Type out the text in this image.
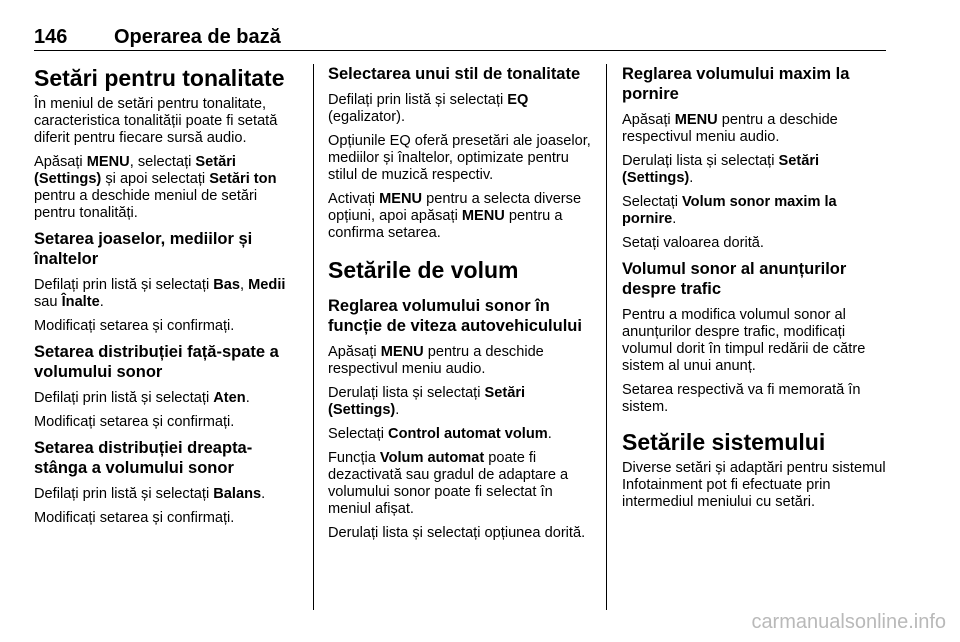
146 Operarea de bază
Setări pentru tonalitate

În meniul de setări pentru tonalitate, caracteristica tonalității poate fi setată diferit pentru fiecare sursă audio.

Apăsați MENU, selectați Setări (Settings) și apoi selectați Setări ton pentru a deschide meniul de setări pentru tonalități.

Setarea joaselor, mediilor și înaltelor

Defilați prin listă și selectați Bas, Medii sau Înalte.

Modificați setarea și confirmați.

Setarea distribuției față-spate a volumului sonor

Defilați prin listă și selectați Aten.

Modificați setarea și confirmați.

Setarea distribuției dreapta-stânga a volumului sonor

Defilați prin listă și selectați Balans.

Modificați setarea și confirmați.

Selectarea unui stil de tonalitate

Defilați prin listă și selectați EQ (egalizator).

Opțiunile EQ oferă presetări ale joaselor, mediilor și înaltelor, optimizate pentru stilul de muzică respectiv.

Activați MENU pentru a selecta diverse opțiuni, apoi apăsați MENU pentru a confirma setarea.

Setările de volum
Reglarea volumului sonor în funcție de viteza autovehiculului

Apăsați MENU pentru a deschide respectivul meniu audio.

Derulați lista și selectați Setări (Settings).

Selectați Control automat volum.

Funcția Volum automat poate fi dezactivată sau gradul de adaptare a volumului sonor poate fi selectat în meniul afișat.

Derulați lista și selectați opțiunea dorită.

Reglarea volumului maxim la pornire

Apăsați MENU pentru a deschide respectivul meniu audio.

Derulați lista și selectați Setări (Settings).

Selectați Volum sonor maxim la pornire.

Setați valoarea dorită.

Volumul sonor al anunțurilor despre trafic

Pentru a modifica volumul sonor al anunțurilor despre trafic, modificați volumul dorit în timpul redării de către sistem al unui anunț.

Setarea respectivă va fi memorată în sistem.

Setările sistemului

Diverse setări și adaptări pentru sistemul Infotainment pot fi efectuate prin intermediul meniului cu setări.

carmanualsonline.info
